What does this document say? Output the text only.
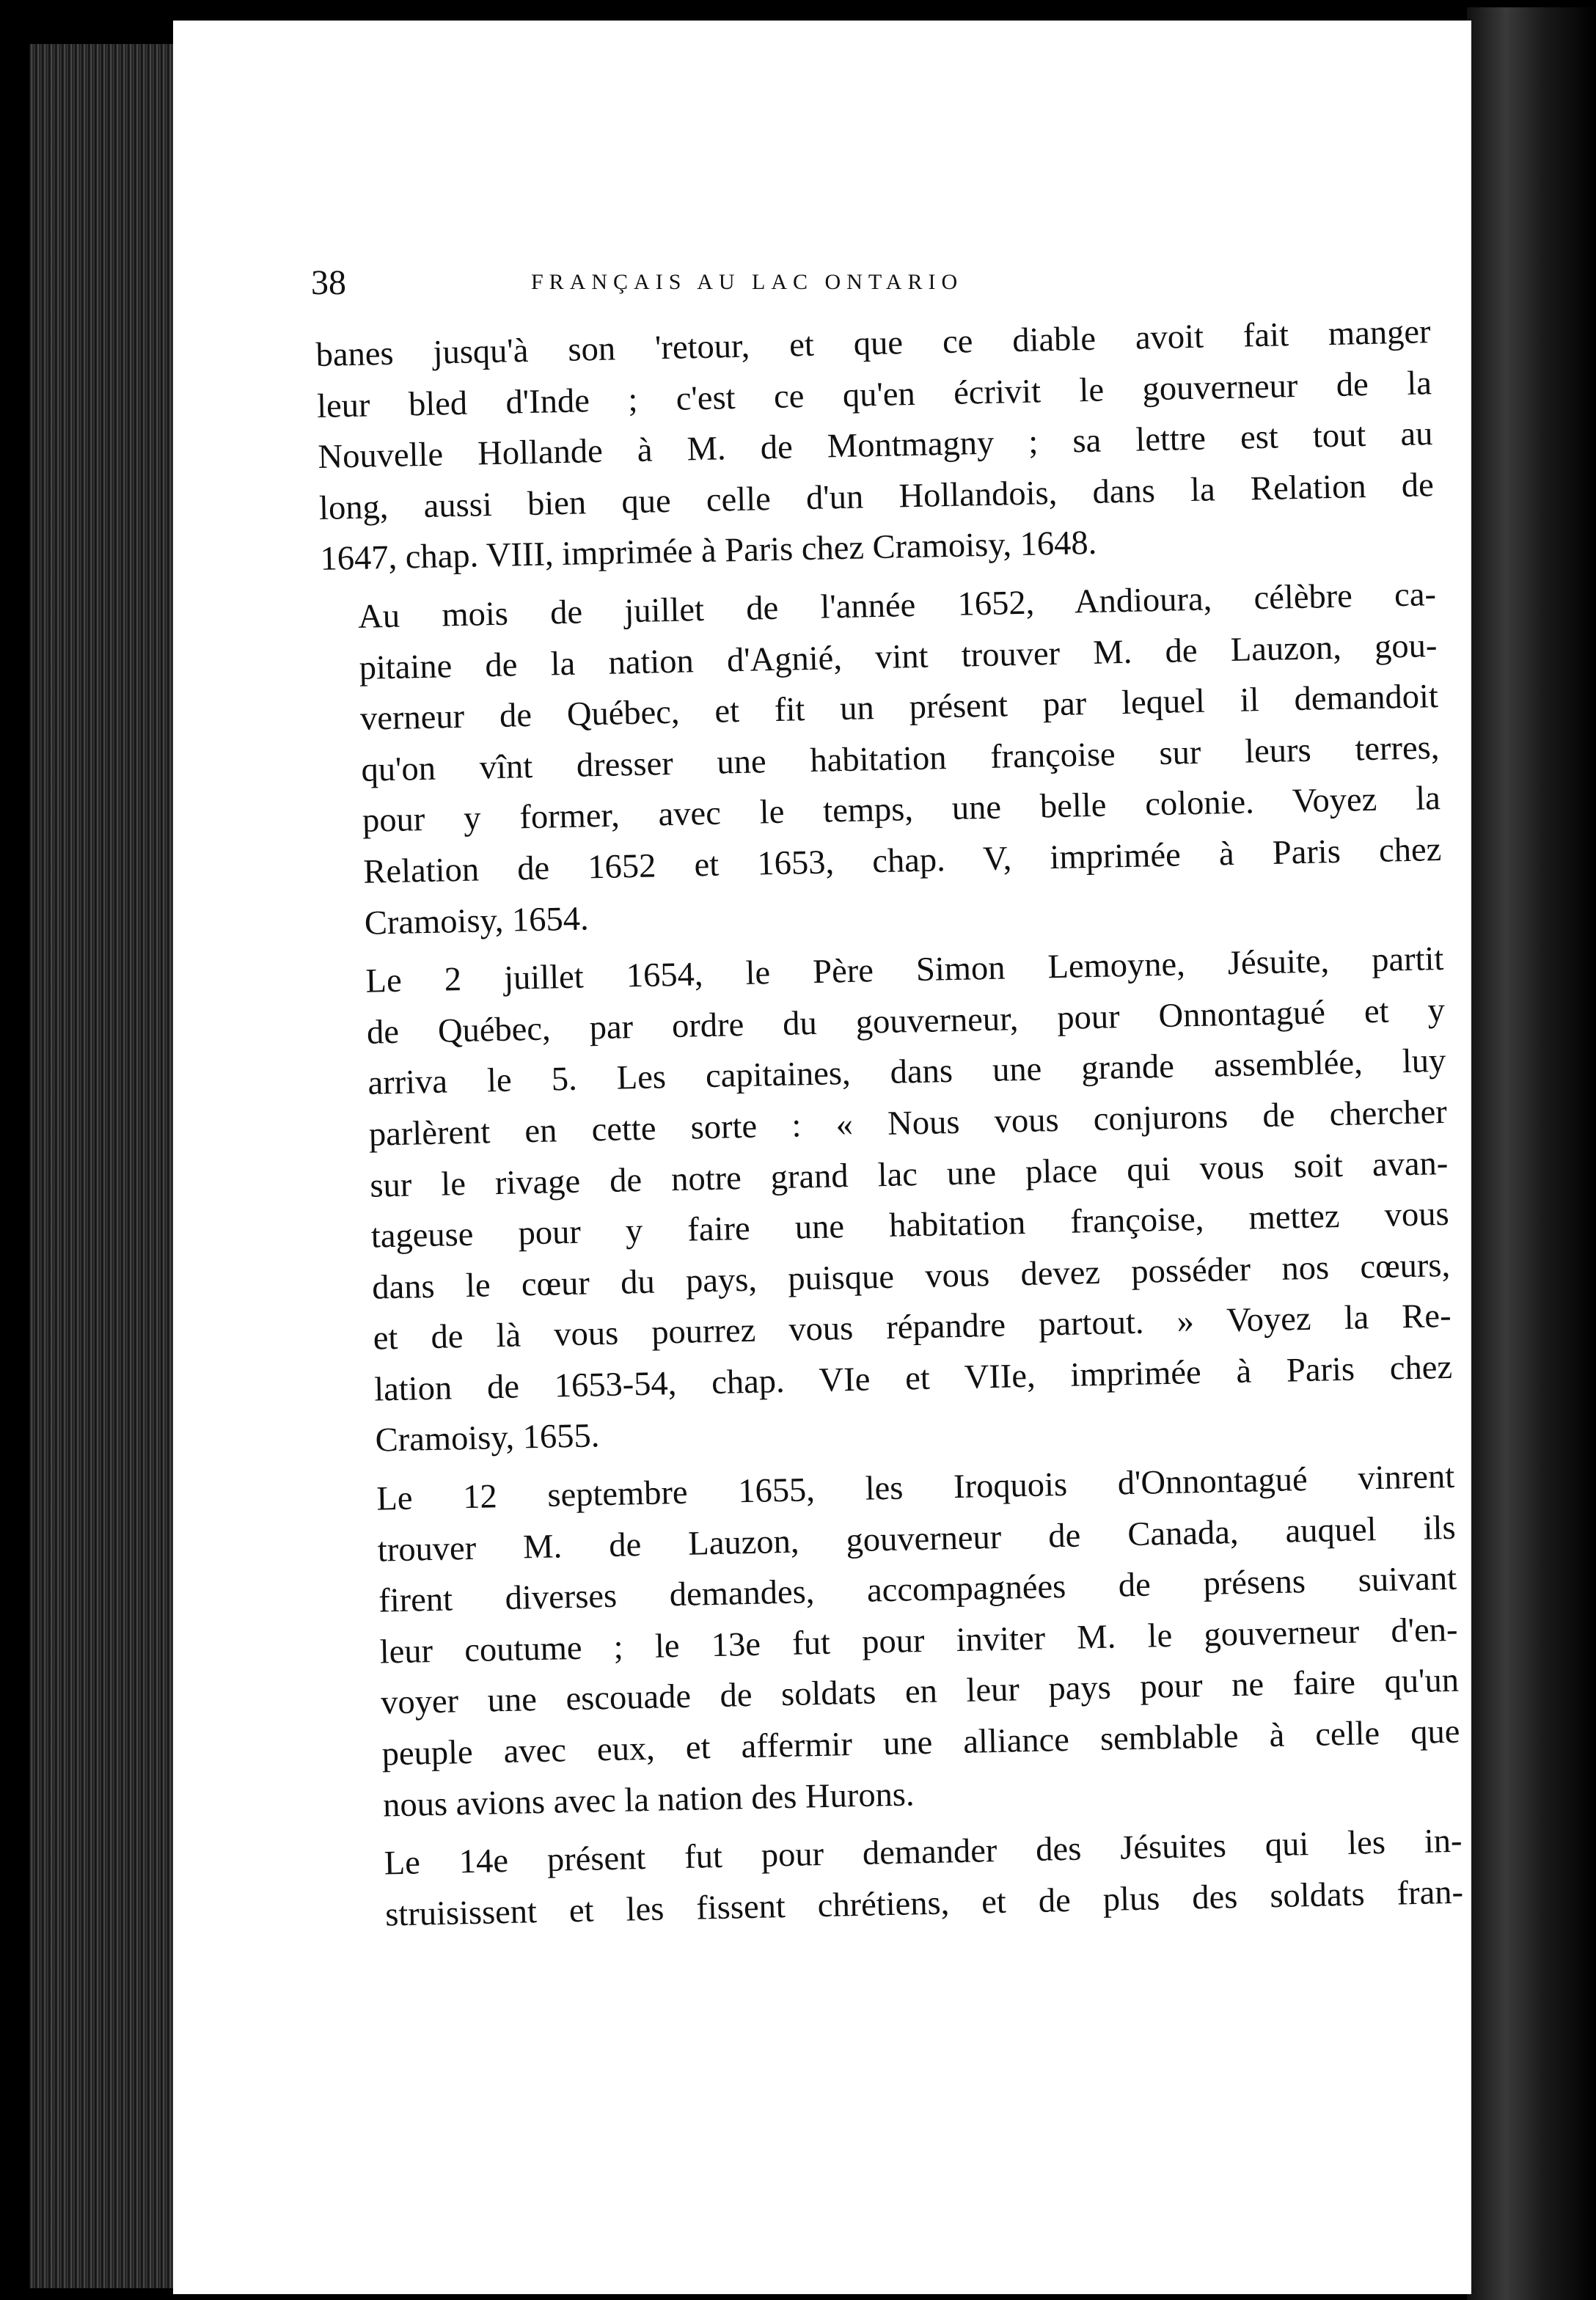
38	FRANÇAIS AU LAC ONTARIO
banes jusqu'à son 'retour, et que ce diable avoit fait manger
leur bled d'Inde ; c'est ce qu'en écrivit le gouverneur de la
Nouvelle Hollande à M. de Montmagny ; sa lettre est tout au
long, aussi bien que celle d'un Hollandois, dans la Relation de
1647, chap. VIII, imprimée à Paris chez Cramoisy, 1648.
Au mois de juillet de l'année 1652, Andioura, célèbre ca-
pitaine de la nation d'Agnié, vint trouver M. de Lauzon, gou-
verneur de Québec, et fit un présent par lequel il demandoit
qu'on vînt dresser une habitation françoise sur leurs terres,
pour y former, avec le temps, une belle colonie. Voyez la
Relation de 1652 et 1653, chap. V, imprimée à Paris chez
Cramoisy, 1654.
Le 2 juillet 1654, le Père Simon Lemoyne, Jésuite, partit
de Québec, par ordre du gouverneur, pour Onnontagué et y
arriva le 5. Les capitaines, dans une grande assemblée, luy
parlèrent en cette sorte : « Nous vous conjurons de chercher
sur le rivage de notre grand lac une place qui vous soit avan-
tageuse pour y faire une habitation françoise, mettez vous
dans le cœur du pays, puisque vous devez posséder nos cœurs,
et de là vous pourrez vous répandre partout. » Voyez la Re-
lation de 1653-54, chap. VIe et VIIe, imprimée à Paris chez
Cramoisy, 1655.
Le 12 septembre 1655, les Iroquois d'Onnontagué vinrent
trouver M. de Lauzon, gouverneur de Canada, auquel ils
firent diverses demandes, accompagnées de présens suivant
leur coutume ; le 13e fut pour inviter M. le gouverneur d'en-
voyer une escouade de soldats en leur pays pour ne faire qu'un
peuple avec eux, et affermir une alliance semblable à celle que
nous avions avec la nation des Hurons.
Le 14e présent fut pour demander des Jésuites qui les in-
struisissent et les fissent chrétiens, et de plus des soldats fran-
